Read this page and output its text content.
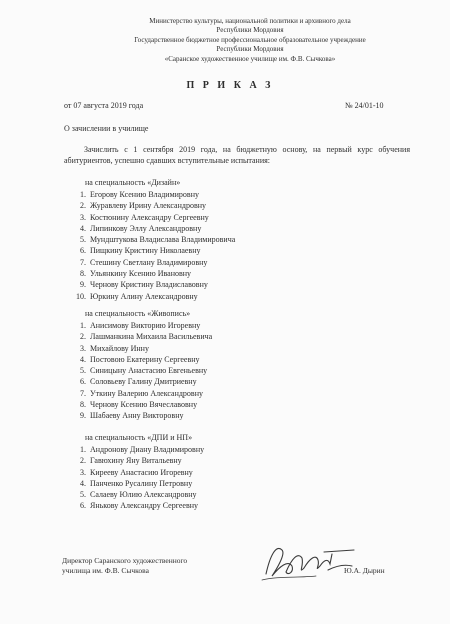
Министерство культуры, национальной политики и архивного дела
Республики Мордовия
Государственное бюджетное профессиональное образовательное учреждение
Республики Мордовия
«Саранское художественное училище им. Ф.В. Сычкова»
П Р И К А З
от 07 августа 2019 года	№ 24/01-10
О зачислении в училище
Зачислить с 1 сентября 2019 года, на бюджетную основу, на первый курс обучения абитуриентов, успешно сдавших вступительные испытания:
на специальность «Дизайн»
1. Егорову Ксению Владимировну
2. Журавлеву Ирину Александровну
3. Костюнину Александру Сергеевну
4. Липинкову Эллу Александровну
5. Мундштукова Владислава Владимировича
6. Пищкину Кристину Николаевну
7. Стешину Светлану Владимировну
8. Ульянкину Ксению Ивановну
9. Чернову Кристину Владиславовну
10. Юркину Алину Александровну
на специальность «Живопись»
1. Анисимову Викторию Игоревну
2. Лашманкина Михаила Васильевича
3. Михайлову Инну
4. Постовою Екатерину Сергеевну
5. Синицыну Анастасию Евгеньевну
6. Соловьеву Галину Дмитриевну
7. Уткину Валерию Александровну
8. Чернову Ксению Вячеславовну
9. Шабаеву Анну Викторовну
на специальность «ДПИ и НП»
1. Андронову Диану Владимировну
2. Гавюхину Яну Витальевну
3. Кирееву Анастасию Игоревну
4. Панченко Русалину Петровну
5. Салаеву Юлию Александровну
6. Янькову Александру Сергеевну
Директор Саранского художественного
училища им. Ф.В. Сычкова	Ю.А. Дырин
